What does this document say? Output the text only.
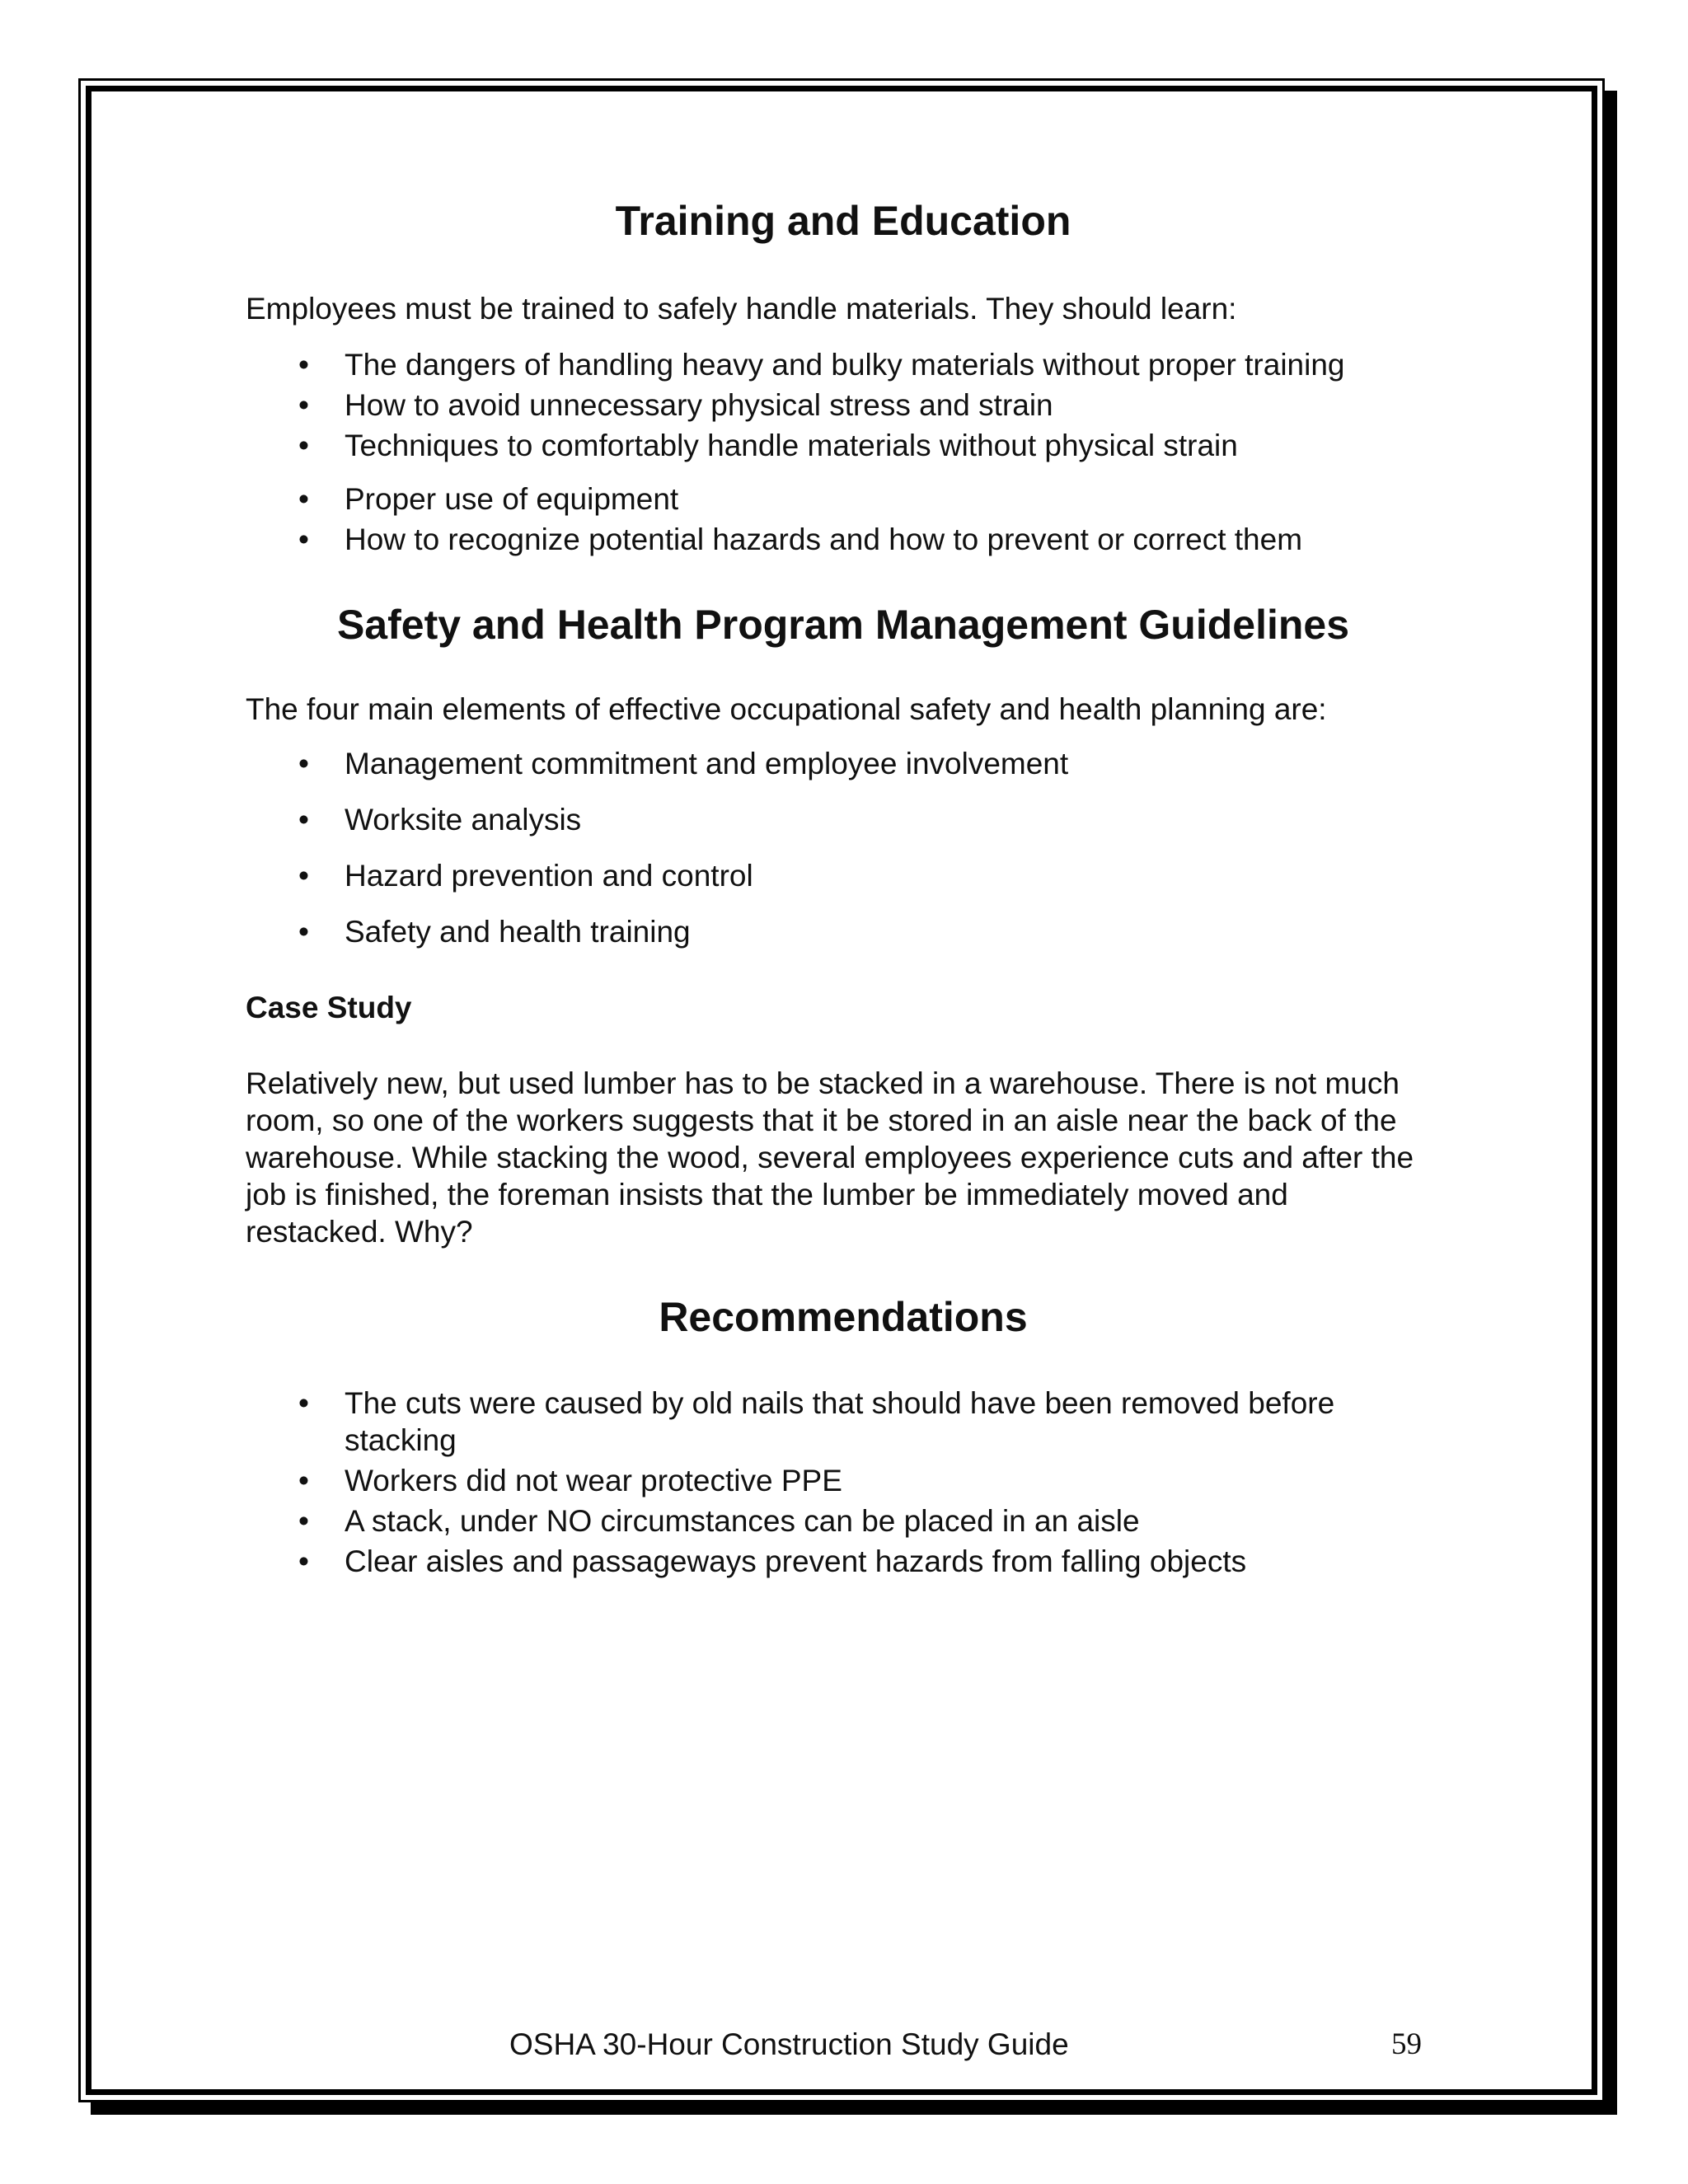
Training and Education

Employees must be trained to safely handle materials. They should learn:

• The dangers of handling heavy and bulky materials without proper training
• How to avoid unnecessary physical stress and strain
• Techniques to comfortably handle materials without physical strain
• Proper use of equipment
• How to recognize potential hazards and how to prevent or correct them
Safety and Health Program Management Guidelines

The four main elements of effective occupational safety and health planning are:

• Management commitment and employee involvement
• Worksite analysis
• Hazard prevention and control
• Safety and health training

Case Study

Relatively new, but used lumber has to be stacked in a warehouse. There is not much room, so one of the workers suggests that it be stored in an aisle near the back of the warehouse. While stacking the wood, several employees experience cuts and after the job is finished, the foreman insists that the lumber be immediately moved and restacked. Why?

Recommendations
• The cuts were caused by old nails that should have been removed before stacking
• Workers did not wear protective PPE
• A stack, under NO circumstances can be placed in an aisle
• Clear aisles and passageways prevent hazards from falling objects
OSHA 30-Hour Construction Study Guide	59
